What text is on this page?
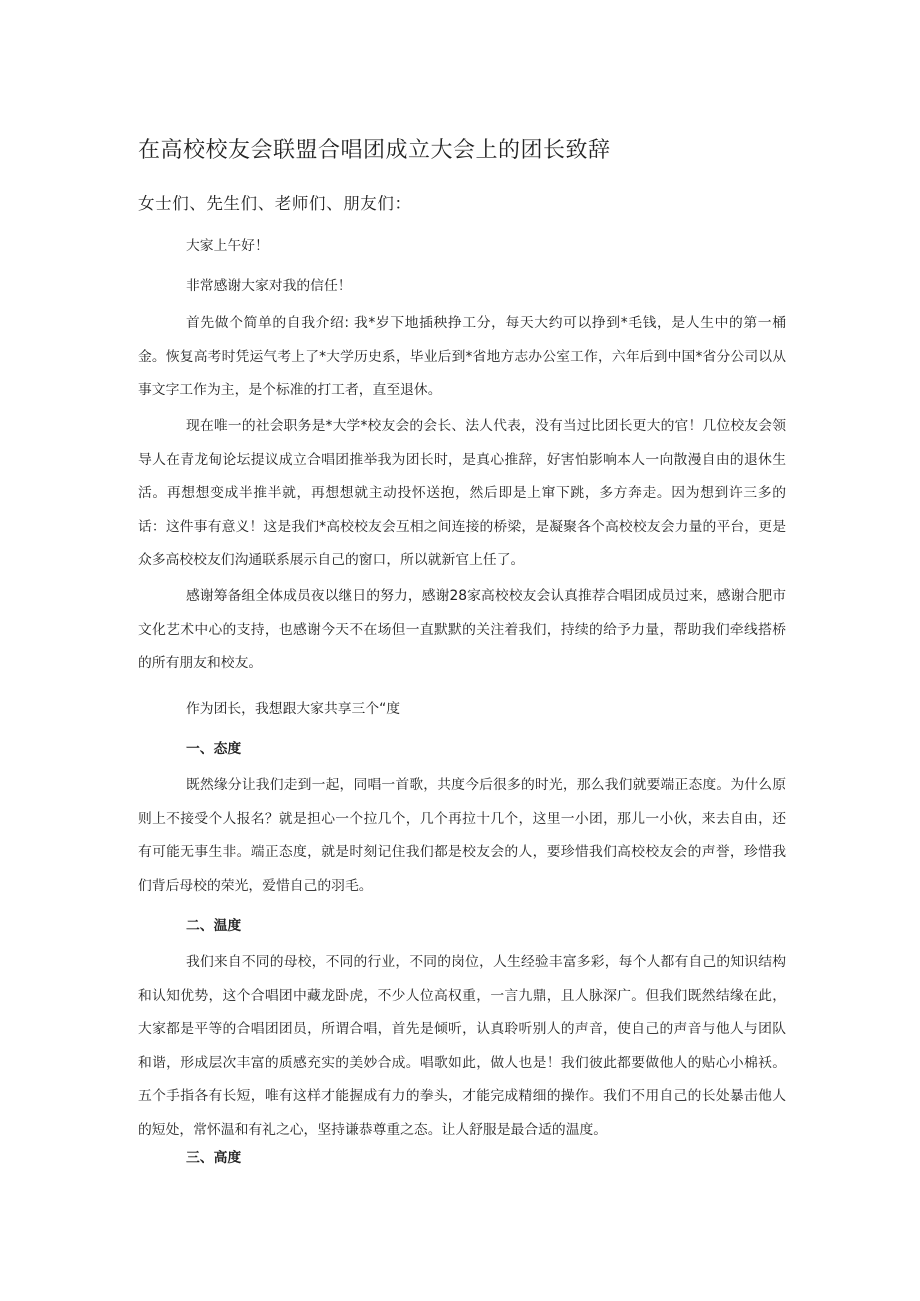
在高校校友会联盟合唱团成立大会上的团长致辞
女士们、先生们、老师们、朋友们：
大家上午好！
非常感谢大家对我的信任！

首先做个简单的自我介绍: 我*岁下地插秧挣工分，每天大约可以挣到*毛钱，是人生中的第一桶金。恢复高考时凭运气考上了*大学历史系，毕业后到*省地方志办公室工作，六年后到中国*省分公司以从事文字工作为主，是个标准的打工者，直至退休。

现在唯一的社会职务是*大学*校友会的会长、法人代表，没有当过比团长更大的官！几位校友会领导人在青龙甸论坛提议成立合唱团推举我为团长时，是真心推辞，好害怕影响本人一向散漫自由的退休生活。再想想变成半推半就，再想想就主动投怀送抱，然后即是上窜下跳，多方奔走。因为想到许三多的话：这件事有意义！这是我们*高校校友会互相之间连接的桥梁，是凝聚各个高校校友会力量的平台，更是众多高校校友们沟通联系展示自己的窗口，所以就新官上任了。

感谢筹备组全体成员夜以继日的努力，感谢28家高校校友会认真推荐合唱团成员过来，感谢合肥市文化艺术中心的支持，也感谢今天不在场但一直默默的关注着我们，持续的给予力量，帮助我们牵线搭桥的所有朋友和校友。

作为团长，我想跟大家共享三个“度
一、态度

既然缘分让我们走到一起，同唱一首歌，共度今后很多的时光，那么我们就要端正态度。为什么原则上不接受个人报名？就是担心一个拉几个，几个再拉十几个，这里一小团，那儿一小伙，来去自由，还有可能无事生非。端正态度，就是时刻记住我们都是校友会的人，要珍惜我们高校校友会的声誉，珍惜我们背后母校的荣光，爱惜自己的羽毛。

二、温度

我们来自不同的母校，不同的行业，不同的岗位，人生经验丰富多彩，每个人都有自己的知识结构和认知优势，这个合唱团中藏龙卧虎，不少人位高权重，一言九鼎，且人脉深广。但我们既然结缘在此，大家都是平等的合唱团团员，所谓合唱，首先是倾听，认真聆听别人的声音，使自己的声音与他人与团队和谐，形成层次丰富的质感充实的美妙合成。唱歌如此，做人也是！我们彼此都要做他人的贴心小棉袄。五个手指各有长短，唯有这样才能握成有力的拳头，才能完成精细的操作。我们不用自己的长处暴击他人的短处，常怀温和有礼之心，坚持谦恭尊重之态。让人舒服是最合适的温度。

三、高度
